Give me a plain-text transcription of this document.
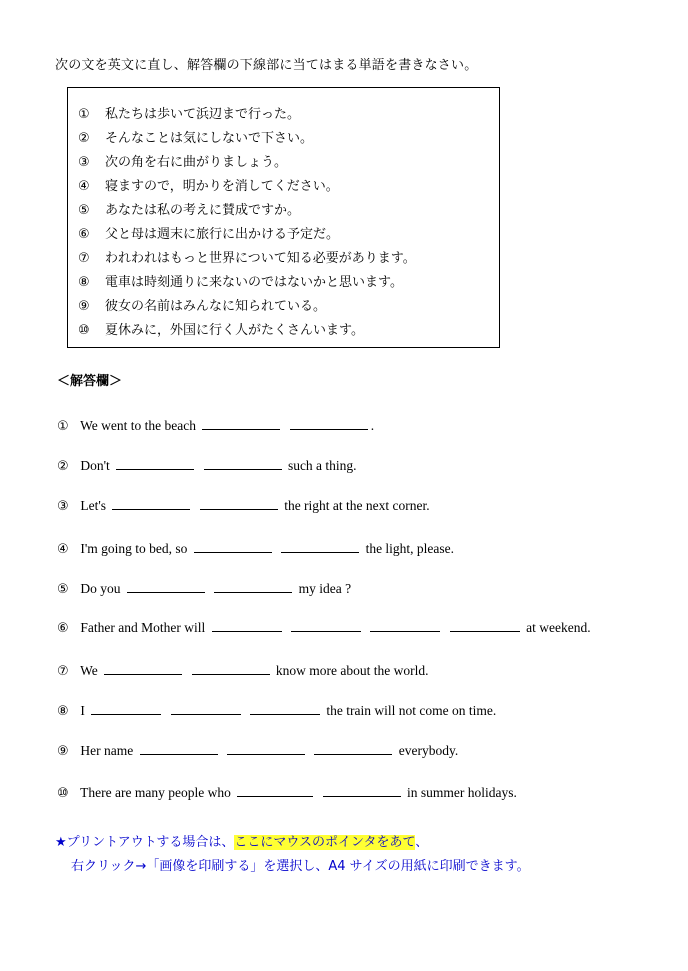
次の文を英文に直し、解答欄の下線部に当てはまる単語を書きなさい。
① 私たちは歩いて浜辺まで行った。
② そんなことは気にしないで下さい。
③ 次の角を右に曲がりましょう。
④ 寝ますので，明かりを消してください。
⑤ あなたは私の考えに賛成ですか。
⑥ 父と母は週末に旅行に出かける予定だ。
⑦ われわれはもっと世界について知る必要があります。
⑧ 電車は時刻通りに来ないのではないかと思います。
⑨ 彼女の名前はみんなに知られている。
⑩ 夏休みに，外国に行く人がたくさんいます。
＜解答欄＞
① We went to the beach	.
② Don't	such a thing.
③ Let's	the right at the next corner.
④ I'm going to bed, so	the light, please.
⑤ Do you	my idea ?
⑥ Father and Mother will	at weekend.
⑦ We	know more about the world.
⑧ I	the train will not come on time.
⑨ Her name	everybody.
⑩ There are many people who	in summer holidays.
★プリントアウトする場合は、ここにマウスのポインタをあて、
右クリック→「画像を印刷する」を選択し、A4 サイズの用紙に印刷できます。
